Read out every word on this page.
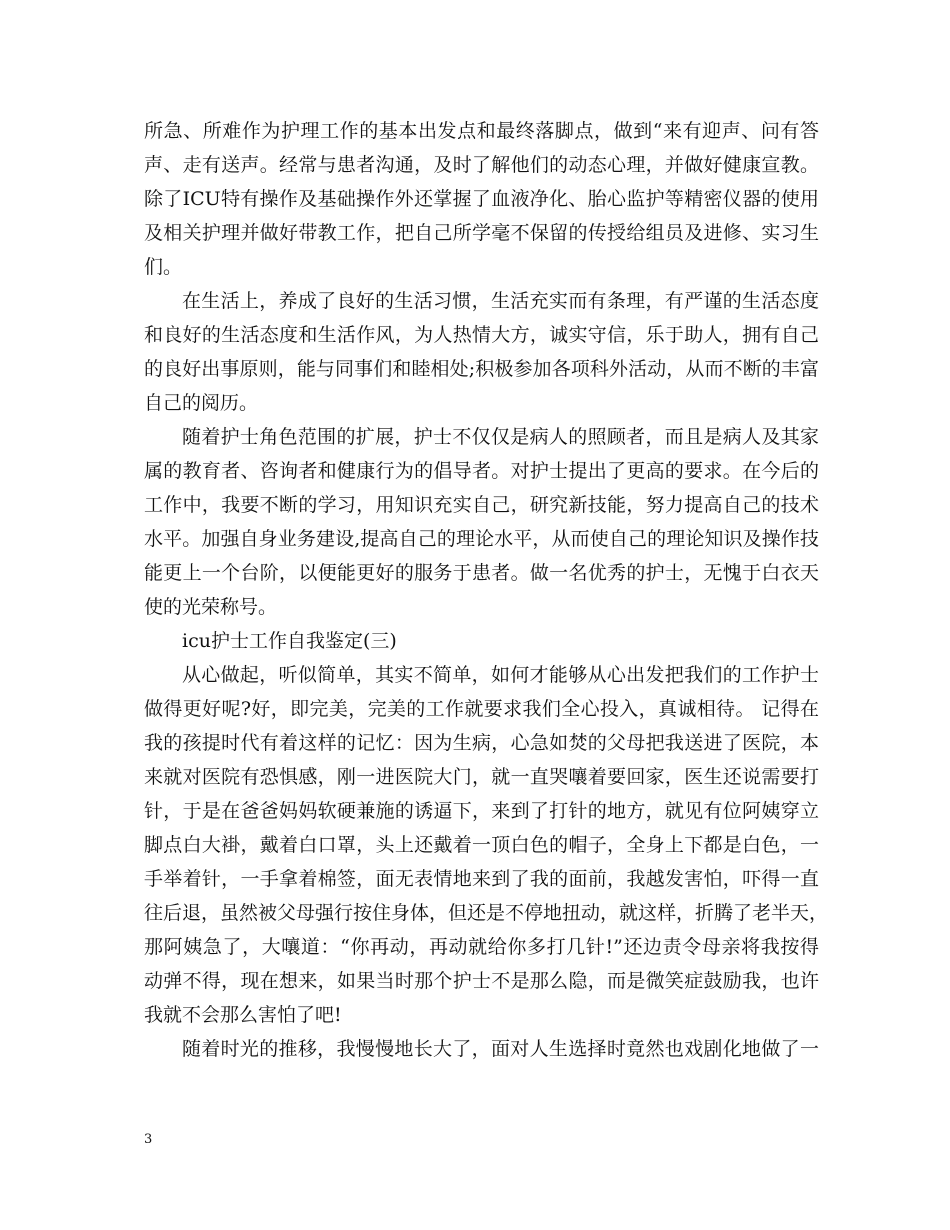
所急、所难作为护理工作的基本出发点和最终落脚点，做到“来有迎声、问有答
声、走有送声。经常与患者沟通，及时了解他们的动态心理，并做好健康宣教。
除了ICU特有操作及基础操作外还掌握了血液净化、胎心监护等精密仪器的使用
及相关护理并做好带教工作，把自己所学毫不保留的传授给组员及进修、实习生
们。
在生活上，养成了良好的生活习惯，生活充实而有条理，有严谨的生活态度
和良好的生活态度和生活作风，为人热情大方，诚实守信，乐于助人，拥有自己
的良好出事原则，能与同事们和睦相处;积极参加各项科外活动，从而不断的丰富
自己的阅历。
随着护士角色范围的扩展，护士不仅仅是病人的照顾者，而且是病人及其家
属的教育者、咨询者和健康行为的倡导者。对护士提出了更高的要求。在今后的
工作中，我要不断的学习，用知识充实自己，研究新技能，努力提高自己的技术
水平。加强自身业务建设,提高自己的理论水平，从而使自己的理论知识及操作技
能更上一个台阶，以便能更好的服务于患者。做一名优秀的护士，无愧于白衣天
使的光荣称号。
icu护士工作自我鉴定(三)
从心做起，听似简单，其实不简单，如何才能够从心出发把我们的工作护士
做得更好呢?好，即完美，完美的工作就要求我们全心投入，真诚相待。 记得在
我的孩提时代有着这样的记忆：因为生病，心急如焚的父母把我送进了医院，本
来就对医院有恐惧感，刚一进医院大门，就一直哭嚷着要回家，医生还说需要打
针，于是在爸爸妈妈软硬兼施的诱逼下，来到了打针的地方，就见有位阿姨穿立
脚点白大褂，戴着白口罩，头上还戴着一顶白色的帽子，全身上下都是白色，一
手举着针，一手拿着棉签，面无表情地来到了我的面前，我越发害怕，吓得一直
往后退，虽然被父母强行按住身体，但还是不停地扭动，就这样，折腾了老半天，
那阿姨急了，大嚷道：“你再动，再动就给你多打几针!”还边责令母亲将我按得
动弹不得，现在想来，如果当时那个护士不是那么隐，而是微笑症鼓励我，也许
我就不会那么害怕了吧!
随着时光的推移，我慢慢地长大了，面对人生选择时竟然也戏剧化地做了一
3
